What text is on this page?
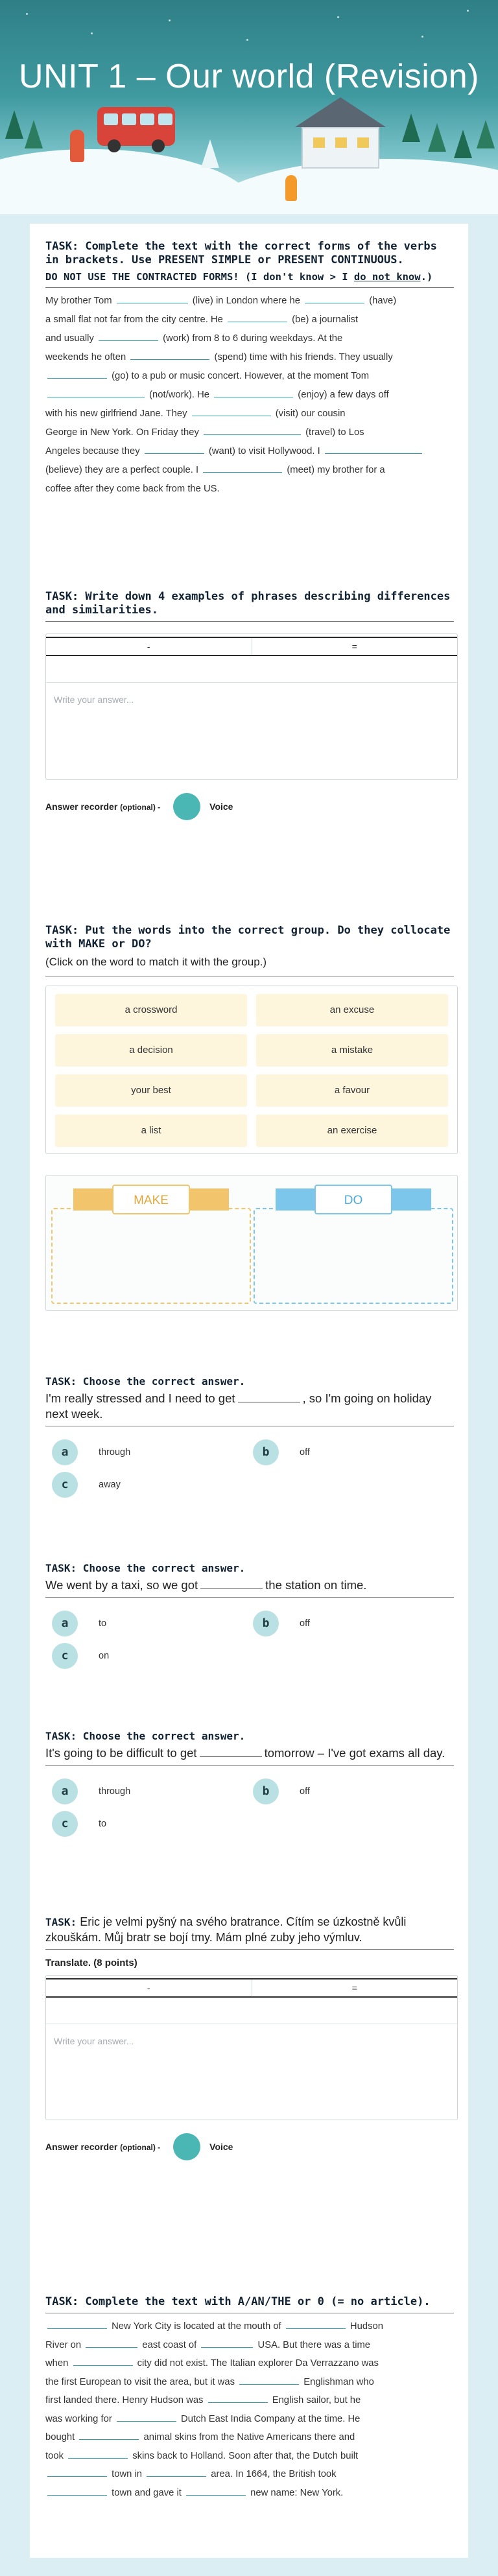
UNIT 1 – Our world (Revision)
TASK: Complete the text with the correct forms of the verbs in brackets. Use PRESENT SIMPLE or PRESENT CONTINUOUS.
DO NOT USE THE CONTRACTED FORMS! (I don't know > I do not know.)
My brother Tom	(live) in London where he	(have)
a small flat not far from the city centre. He	(be) a journalist
and usually	(work) from 8 to 6 during weekdays. At the
weekends he often	(spend) time with his friends. They usually
(go) to a pub or music concert. However, at the moment Tom
(not/work). He	(enjoy) a few days off
with his new girlfriend Jane. They	(visit) our cousin
George in New York. On Friday they	(travel) to Los
Angeles because they	(want) to visit Hollywood. I
(believe) they are a perfect couple. I	(meet) my brother for a
coffee after they come back from the US.
TASK: Write down 4 examples of phrases describing differences and similarities.
-	=
Write your answer...
Answer recorder (optional) -	Voice
TASK: Put the words into the correct group. Do they collocate with MAKE or DO?
(Click on the word to match it with the group.)
a crossword	an excuse
a decision	a mistake
your best	a favour
a list	an exercise
MAKE	DO
TASK: Choose the correct answer.
I'm really stressed and I need to get	, so I'm going on holiday next week.
a	through	b	off
c	away
TASK: Choose the correct answer.
We went by a taxi, so we got	the station on time.
a	to	b	off
c	on
TASK: Choose the correct answer.
It's going to be difficult to get	tomorrow – I've got exams all day.
a	through	b	off
c	to
TASK: Eric je velmi pyšný na svého bratrance. Cítím se úzkostně kvůli zkouškám. Můj bratr se bojí tmy. Mám plné zuby jeho výmluv.
Translate. (8 points)
-	=
Write your answer...
Answer recorder (optional) -	Voice
TASK: Complete the text with A/AN/THE or 0 (= no article).
New York City is located at the mouth of	Hudson
River on	east coast of	USA. But there was a time
when	city did not exist. The Italian explorer Da Verrazzano was
the first European to visit the area, but it was	Englishman who
first landed there. Henry Hudson was	English sailor, but he
was working for	Dutch East India Company at the time. He
bought	animal skins from the Native Americans there and
took	skins back to Holland. Soon after that, the Dutch built
town in	area. In 1664, the British took
town and gave it	new name: New York.
